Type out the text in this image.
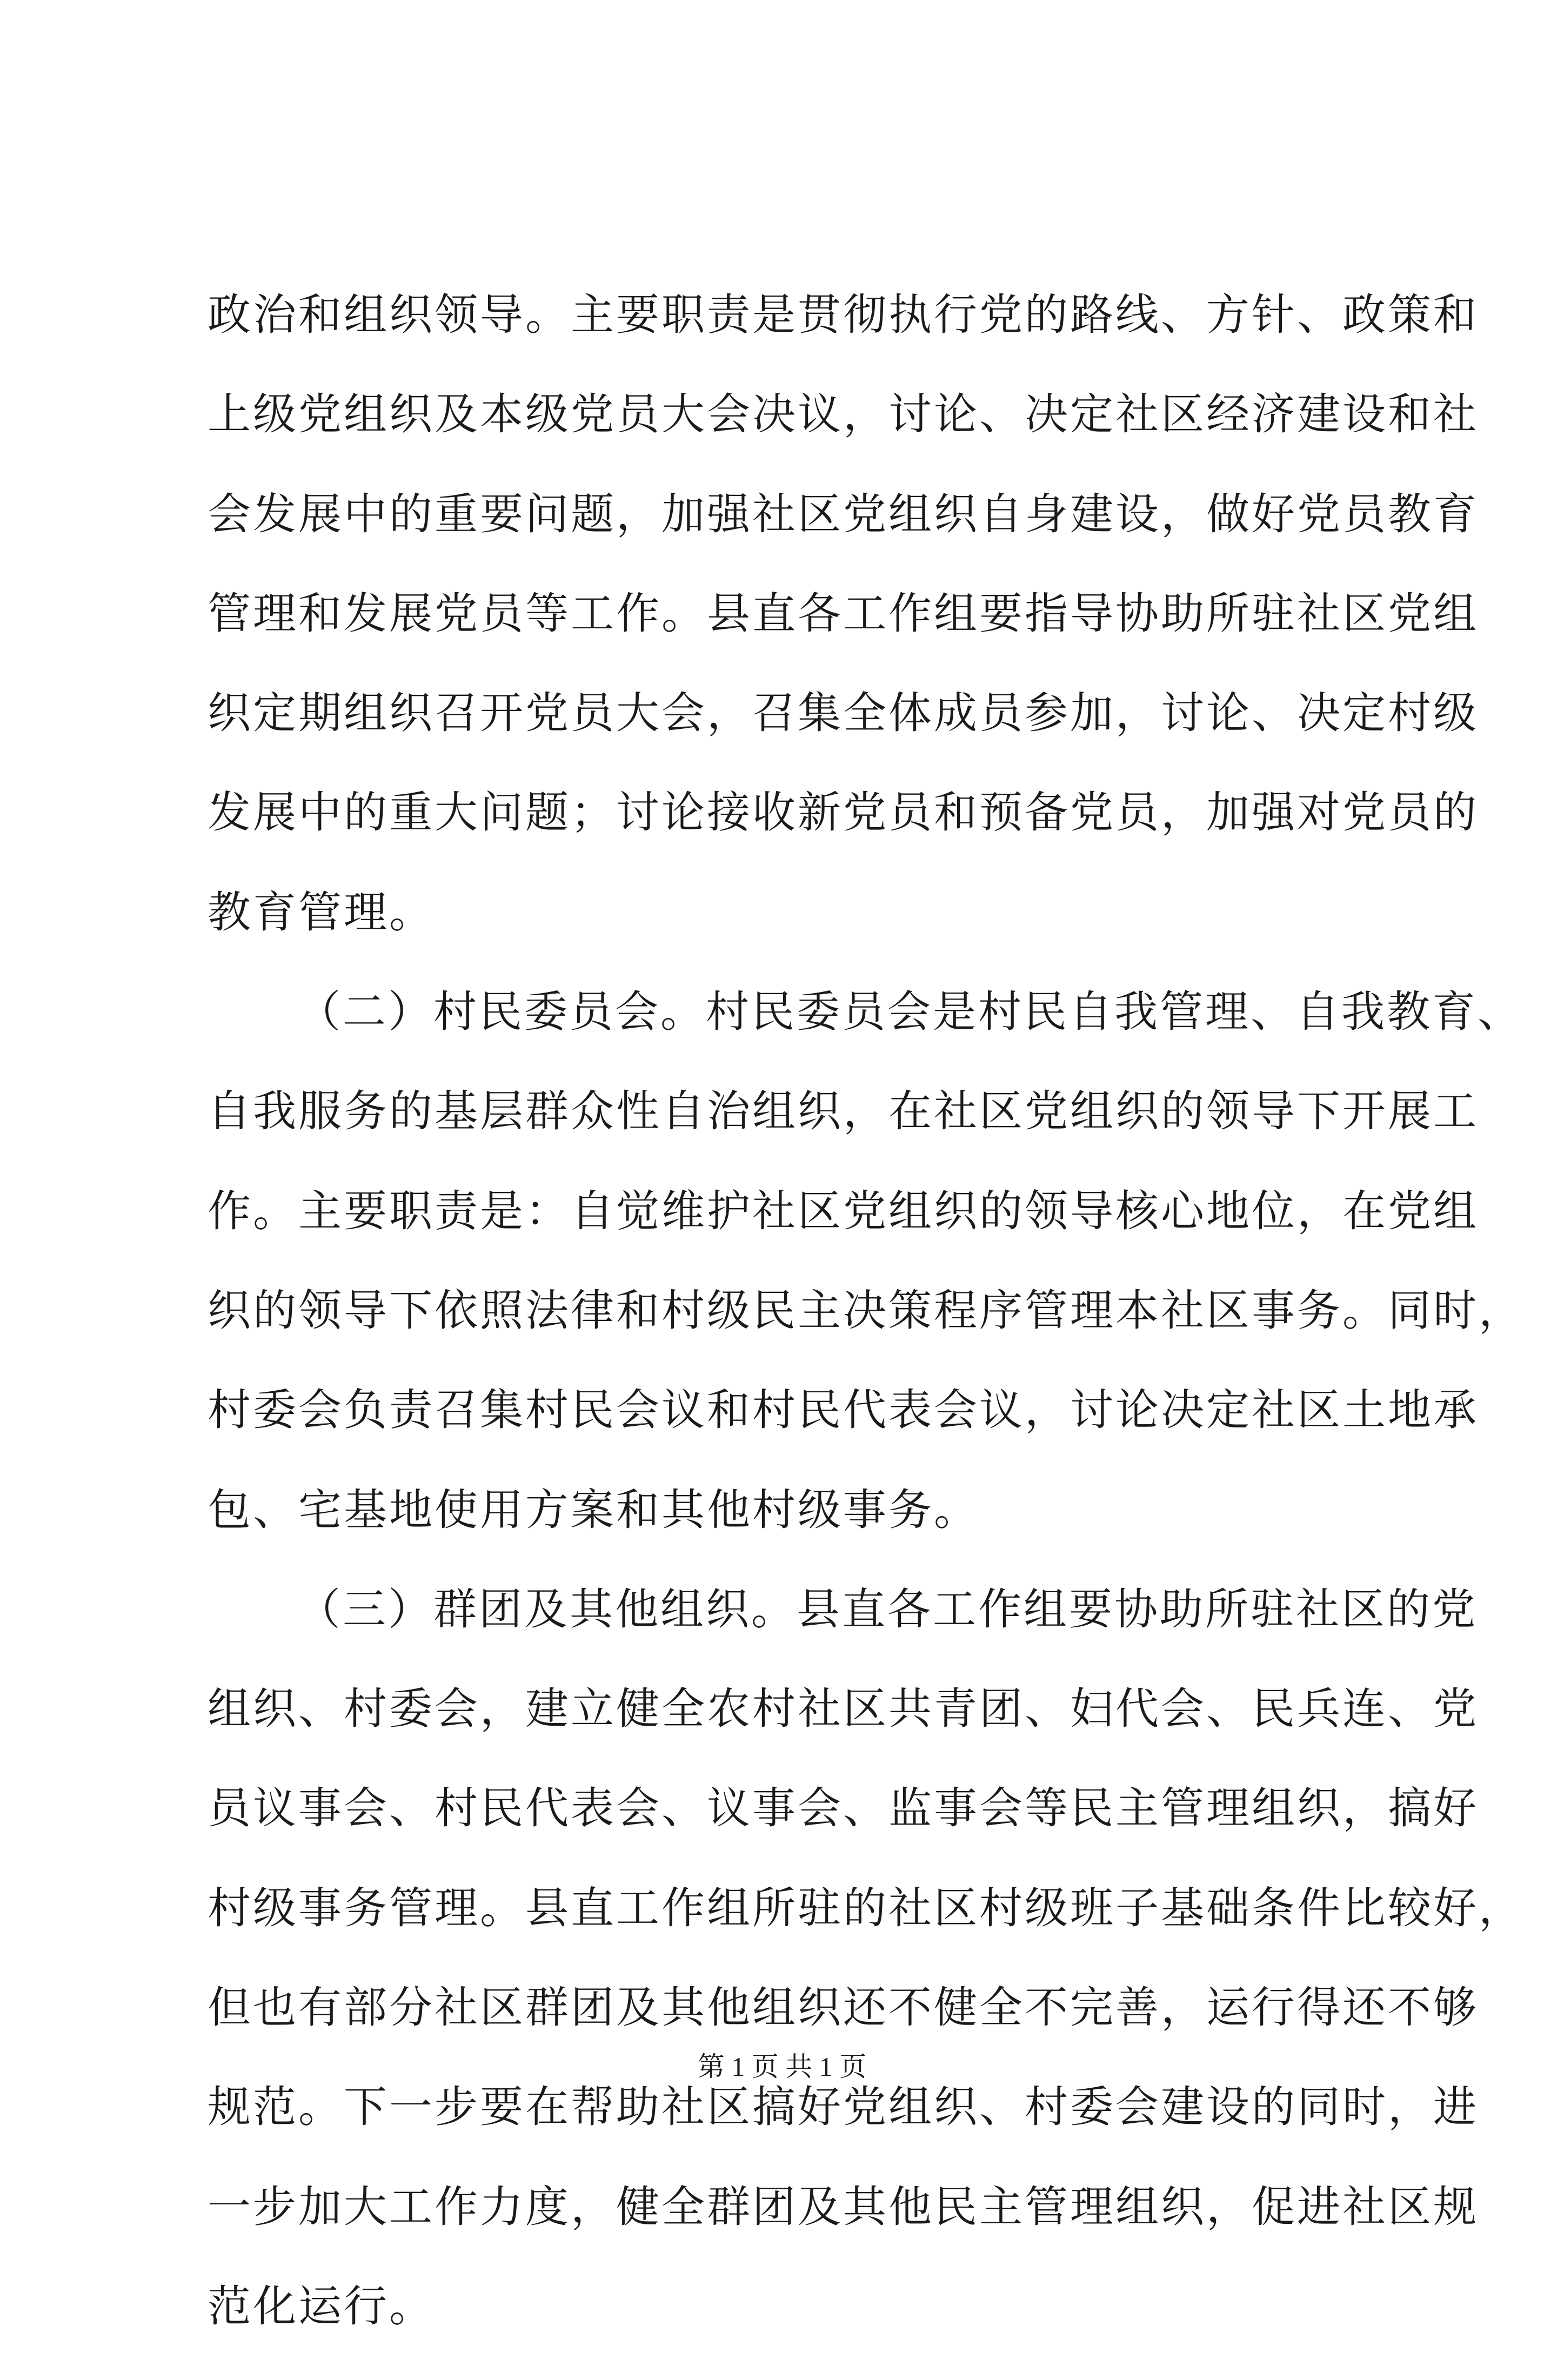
政治和组织领导。主要职责是贯彻执行党的路线、方针、政策和
上级党组织及本级党员大会决议，讨论、决定社区经济建设和社
会发展中的重要问题，加强社区党组织自身建设，做好党员教育
管理和发展党员等工作。县直各工作组要指导协助所驻社区党组
织定期组织召开党员大会，召集全体成员参加，讨论、决定村级
发展中的重大问题；讨论接收新党员和预备党员，加强对党员的
教育管理。
（二）村民委员会。村民委员会是村民自我管理、自我教育、
自我服务的基层群众性自治组织，在社区党组织的领导下开展工
作。主要职责是：自觉维护社区党组织的领导核心地位，在党组
织的领导下依照法律和村级民主决策程序管理本社区事务。同时，
村委会负责召集村民会议和村民代表会议，讨论决定社区土地承
包、宅基地使用方案和其他村级事务。
（三）群团及其他组织。县直各工作组要协助所驻社区的党
组织、村委会，建立健全农村社区共青团、妇代会、民兵连、党
员议事会、村民代表会、议事会、监事会等民主管理组织，搞好
村级事务管理。县直工作组所驻的社区村级班子基础条件比较好，
但也有部分社区群团及其他组织还不健全不完善，运行得还不够
规范。下一步要在帮助社区搞好党组织、村委会建设的同时，进
一步加大工作力度，健全群团及其他民主管理组织，促进社区规
范化运行。
第 1 页 共 1 页
